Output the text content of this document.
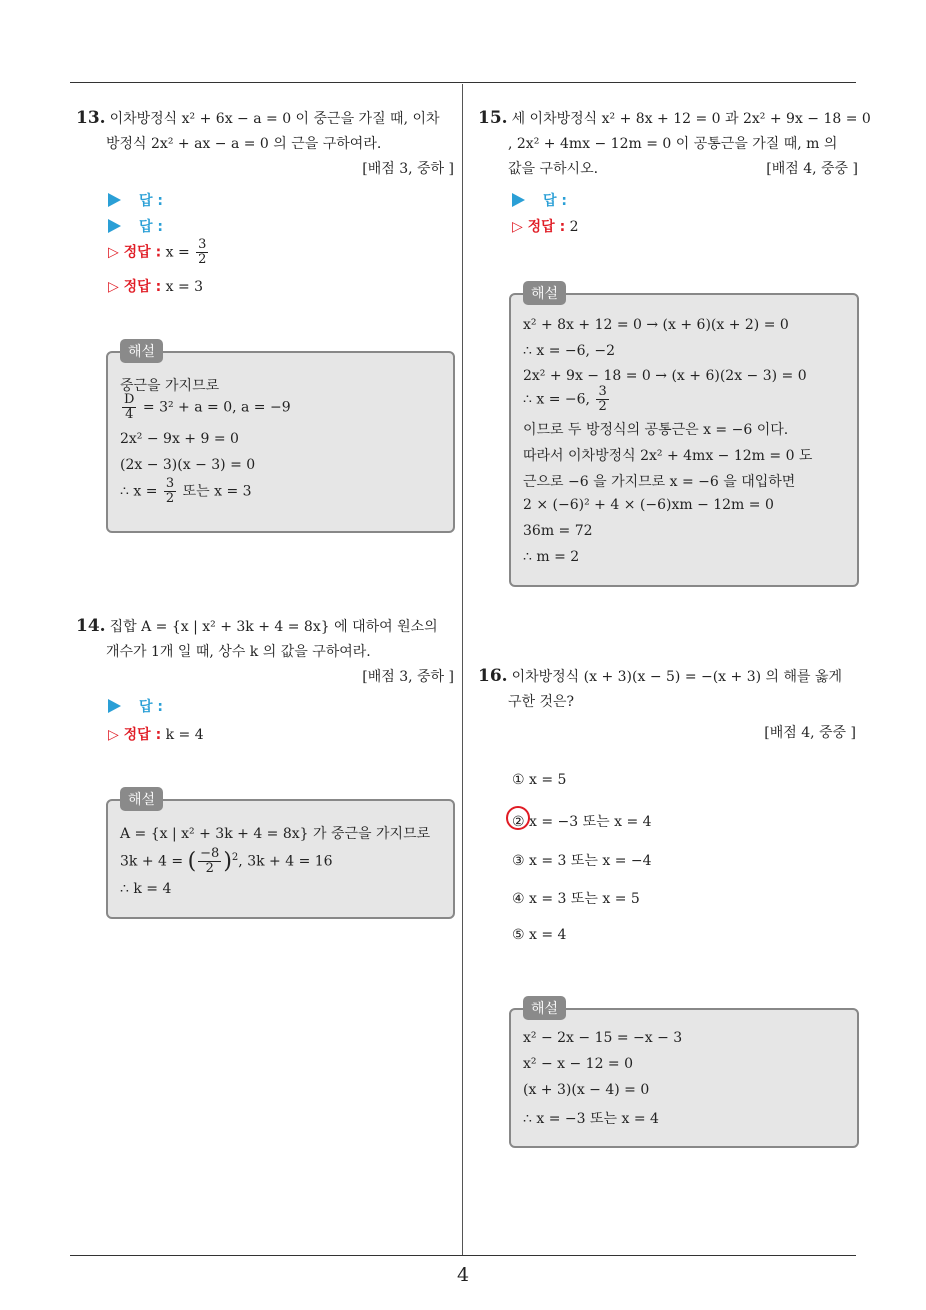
4
13. 이차방정식 x² + 6x − a = 0 이 중근을 가질 때, 이차
방정식 2x² + ax − a = 0 의 근을 구하여라.
[배점 3, 중하 ]
답 :
답 :
▷ 정답 : $x = \frac{3}{2}$
▷ 정답 : x = 3
해설
중근을 가지므로
$\frac{D}{4} = 3^2 + a = 0$, a = −9
2x² − 9x + 9 = 0
(2x − 3)(x − 3) = 0
∴ $x = \frac{3}{2}$ 또는 x = 3
14. 집합 A = {x | x² + 3k + 4 = 8x} 에 대하여 원소의
개수가 1개 일 때, 상수 k 의 값을 구하여라.
[배점 3, 중하 ]
답 :
▷ 정답 : k = 4
해설
A = {x | x² + 3k + 4 = 8x} 가 중근을 가지므로
3k + 4 = ( $\frac{-8}{2} )^2$, 3k + 4 = 16
∴ k = 4
15. 세 이차방정식 x² + 8x + 12 = 0 과 2x² + 9x − 18 = 0
, 2x² + 4mx − 12m = 0 이 공통근을 가질 때, m 의
값을 구하시오.	[배점 4, 중중 ]
답 :
▷ 정답 : 2
해설
x² + 8x + 12 = 0 → (x + 6)(x + 2) = 0
∴ x = −6, −2
2x² + 9x − 18 = 0 → (x + 6)(2x − 3) = 0
∴ x = −6, $\frac{3}{2}$
이므로 두 방정식의 공통근은 x = −6 이다.
따라서 이차방정식 2x² + 4mx − 12m = 0 도
근으로 −6 을 가지므로 x = −6 을 대입하면
2 × (−6)² + 4 × (−6)xm − 12m = 0
36m = 72
∴ m = 2
16. 이차방정식 (x + 3)(x − 5) = −(x + 3) 의 해를 옳게
구한 것은?
[배점 4, 중중 ]
① x = 5
② x = −3 또는 x = 4
③ x = 3 또는 x = −4
④ x = 3 또는 x = 5
⑤ x = 4
해설
x² − 2x − 15 = −x − 3
x² − x − 12 = 0
(x + 3)(x − 4) = 0
∴ x = −3 또는 x = 4
